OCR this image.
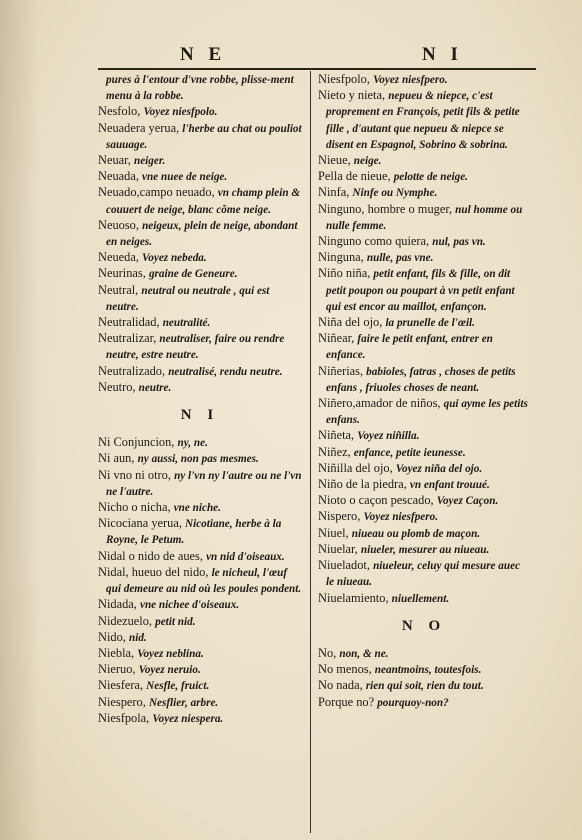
N E	N I

pures à l'entour d'vne robbe, plisse-ment menu à la robbe.

Nesfolo, Voyez niesfpolo.

Neuadera yerua, l'herbe au chat ou pouliot sauuage.

Neuar, neiger.

Neuada, vne nuee de neige.

Neuado,campo neuado, vn champ plein & couuert de neige, blanc cõme neige.

Neuoso, neigeux, plein de neige, abondant en neiges.

Neueda, Voyez nebeda.

Neurinas, graine de Geneure.

Neutral, neutral ou neutrale , qui est neutre.

Neutralidad, neutralité.

Neutralizar, neutraliser, faire ou rendre neutre, estre neutre.

Neutralizado, neutralisé, rendu neutre.

Neutro, neutre.

N I

Ni Conjuncion, ny, ne.

Ni aun, ny aussi, non pas mesmes.

Ni vno ni otro, ny l'vn ny l'autre ou ne l'vn ne l'autre.

Nicho o nicha, vne niche.

Nicociana yerua, Nicotiane, herbe à la Royne, le Petum.

Nidal o nido de aues, vn nid d'oiseaux.

Nidal, hueuo del nido, le nicheul, l'œuf qui demeure au nid où les poules pondent.

Nidada, vne nichee d'oiseaux.

Nidezuelo, petit nid.

Nido, nid.

Niebla, Voyez neblina.

Nieruo, Voyez neruio.

Niesfera, Nesfle, fruict.

Niespero, Nesflier, arbre.

Niesfpola, Voyez niespera.

Niesfpolo, Voyez niesfpero.

Nieto y nieta, nepueu & niepce, c'est proprement en François, petit fils & petite fille , d'autant que nepueu & niepce se disent en Espagnol, Sobrino & sobrina.

Nieue, neige.

Pella de nieue, pelotte de neige.

Ninfa, Ninfe ou Nymphe.

Ninguno, hombre o muger, nul homme ou nulle femme.

Ninguno como quiera, nul, pas vn.

Ninguna, nulle, pas vne.

Niño niña, petit enfant, fils & fille, on dit petit poupon ou poupart à vn petit enfant qui est encor au maillot, enfançon.

Niña del ojo, la prunelle de l'œil.

Niñear, faire le petit enfant, entrer en enfance.

Niñerias, babioles, fatras , choses de petits enfans , friuoles choses de neant.

Niñero,amador de niños, qui ayme les petits enfans.

Niñeta, Voyez niñilla.

Niñez, enfance, petite ieunesse.

Niñilla del ojo, Voyez niña del ojo.

Niño de la piedra, vn enfant trouué.

Nioto o caçon pescado, Voyez Caçon.

Nispero, Voyez niesfpero.

Niuel, niueau ou plomb de maçon.

Niuelar, niueler, mesurer au niueau.

Niueladot, niueleur, celuy qui mesure auec le niueau.

Niuelamiento, niuellement.

N O

No, non, & ne.

No menos, neantmoins, toutesfois.

No nada, rien qui soit, rien du tout.

Porque no? pourquoy-non?
